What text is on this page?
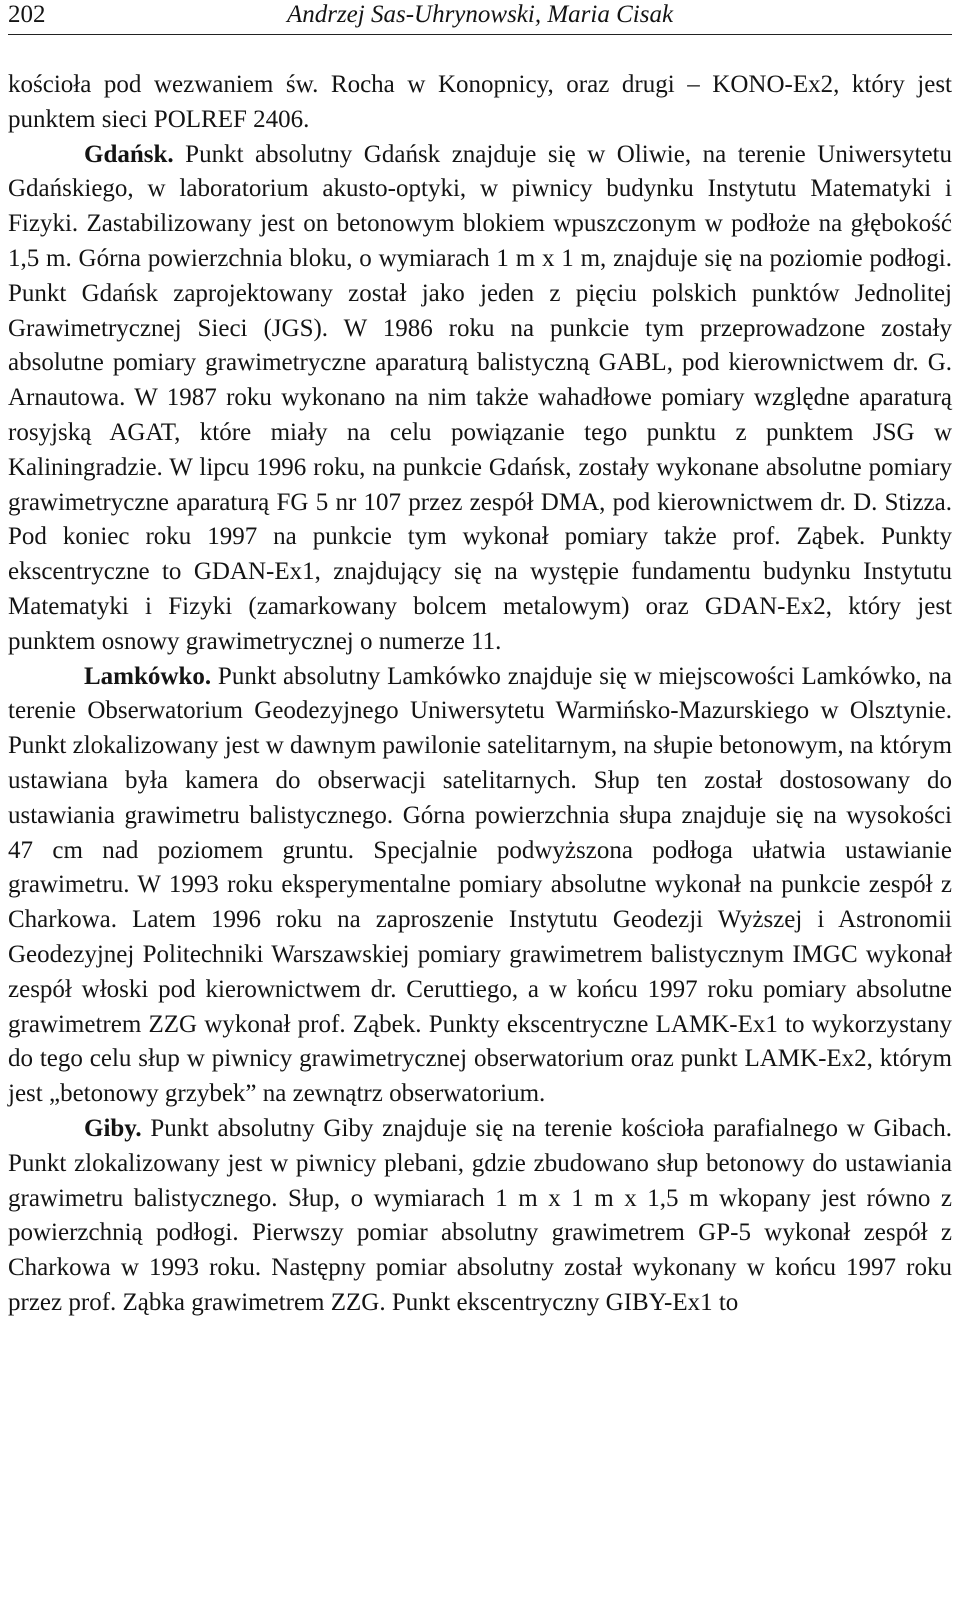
202	Andrzej Sas-Uhrynowski, Maria Cisak

kościoła pod wezwaniem św. Rocha w Konopnicy, oraz drugi – KONO-Ex2, który jest punktem sieci POLREF 2406.

Gdańsk. Punkt absolutny Gdańsk znajduje się w Oliwie, na terenie Uniwersytetu Gdańskiego, w laboratorium akusto-optyki, w piwnicy budynku Instytutu Matematyki i Fizyki. Zastabilizowany jest on betonowym blokiem wpuszczonym w podłoże na głębokość 1,5 m. Górna powierzchnia bloku, o wymiarach 1 m x 1 m, znajduje się na poziomie podłogi. Punkt Gdańsk zaprojektowany został jako jeden z pięciu polskich punktów Jednolitej Grawimetrycznej Sieci (JGS). W 1986 roku na punkcie tym przeprowadzone zostały absolutne pomiary grawimetryczne aparaturą balistyczną GABL, pod kierownictwem dr. G. Arnautowa. W 1987 roku wykonano na nim także wahadłowe pomiary względne aparaturą rosyjską AGAT, które miały na celu powiązanie tego punktu z punktem JSG w Kaliningradzie. W lipcu 1996 roku, na punkcie Gdańsk, zostały wykonane absolutne pomiary grawimetryczne aparaturą FG 5 nr 107 przez zespół DMA, pod kierownictwem dr. D. Stizza. Pod koniec roku 1997 na punkcie tym wykonał pomiary także prof. Ząbek. Punkty ekscentryczne to GDAN-Ex1, znajdujący się na występie fundamentu budynku Instytutu Matematyki i Fizyki (zamarkowany bolcem metalowym) oraz GDAN-Ex2, który jest punktem osnowy grawimetrycznej o numerze 11.

Lamkówko. Punkt absolutny Lamkówko znajduje się w miejscowości Lamkówko, na terenie Obserwatorium Geodezyjnego Uniwersytetu Warmińsko-Mazurskiego w Olsztynie. Punkt zlokalizowany jest w dawnym pawilonie satelitarnym, na słupie betonowym, na którym ustawiana była kamera do obserwacji satelitarnych. Słup ten został dostosowany do ustawiania grawimetru balistycznego. Górna powierzchnia słupa znajduje się na wysokości 47 cm nad poziomem gruntu. Specjalnie podwyższona podłoga ułatwia ustawianie grawimetru. W 1993 roku eksperymentalne pomiary absolutne wykonał na punkcie zespół z Charkowa. Latem 1996 roku na zaproszenie Instytutu Geodezji Wyższej i Astronomii Geodezyjnej Politechniki Warszawskiej pomiary grawimetrem balistycznym IMGC wykonał zespół włoski pod kierownictwem dr. Ceruttiego, a w końcu 1997 roku pomiary absolutne grawimetrem ZZG wykonał prof. Ząbek. Punkty ekscentryczne LAMK-Ex1 to wykorzystany do tego celu słup w piwnicy grawimetrycznej obserwatorium oraz punkt LAMK-Ex2, którym jest „betonowy grzybek” na zewnątrz obserwatorium.

Giby. Punkt absolutny Giby znajduje się na terenie kościoła parafialnego w Gibach. Punkt zlokalizowany jest w piwnicy plebani, gdzie zbudowano słup betonowy do ustawiania grawimetru balistycznego. Słup, o wymiarach 1 m x 1 m x 1,5 m wkopany jest równo z powierzchnią podłogi. Pierwszy pomiar absolutny grawimetrem GP-5 wykonał zespół z Charkowa w 1993 roku. Następny pomiar absolutny został wykonany w końcu 1997 roku przez prof. Ząbka grawimetrem ZZG. Punkt ekscentryczny GIBY-Ex1 to
